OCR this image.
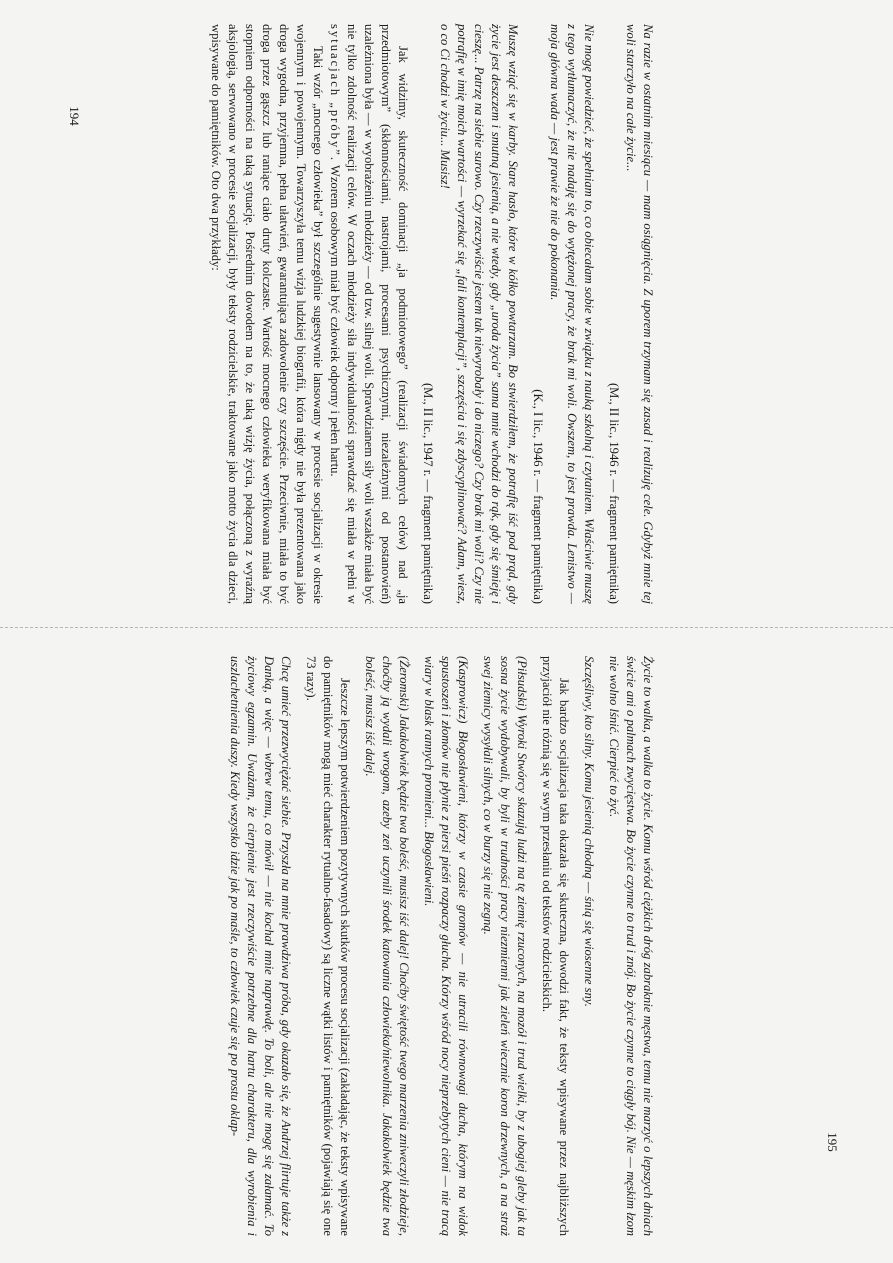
Na razie w ostatnim miesiącu — mam osiągnięcia. Z uporem trzymam się zasad i realizuję cele. Gdybyż mnie tej woli starczyło na całe życie...

(M., II lic., 1946 r. — fragment pamiętnika)

Nie mogę powiedzieć, że spełniam to, co obiecałam sobie w związku z nauką szkolną i czytaniem. Właściwie muszę z tego wytłumaczyć, że nie nadaję się do wytężonej pracy, że brak mi woli. Owszem, to jest prawda. Lenistwo — moja główna wada — jest prawie że nie do pokonania.

(K., I lic., 1946 r. — fragment pamiętnika)

Muszę wziąć się w karby. Stare hasło, które w kółko powtarzam. Bo stwierdziłem, że potrafię iść pod prąd, gdy życie jest deszczem i smutną jesienią, a nie wtedy, gdy „uroda życia” sama mnie wchodzi do rąk, gdy się śmieję i cieszę... Patrzę na siebie surowo. Czy rzeczywiście jestem tak niewyrobały i do niczego? Czy brak mi woli? Czy nie potrafię w imię moich wartości — wyrzekać się „fali kontemplacji”, szczęścia i się zdyscyplinować? Adam, wiesz, o co Ci chodzi w życiu... Musisz!

(M., II lic., 1947 r. — fragment pamiętnika)

Jak widzimy, skuteczność dominacji „ja podmiotowego” (realizacji świadomych celów) nad „ja przedmiotowym” (skłonnościami, nastrojami, procesami psychicznymi, niezależnymi od postanowień) uzależniona była — w wyobrażeniu młodzieży — od tzw. silnej woli. Sprawdzianem siły woli wszakże miała być nie tylko zdolność realizacji celów. W oczach młodzieży siła indywidualności sprawdzać się miała w pełni w sytuacjach „próby”. Wzorem osobowym miał być człowiek odporny i pełen hartu.

Taki wzór „mocnego człowieka” był szczególnie sugestywnie lansowany w procesie socjalizacji w okresie wojennym i powojennym. Towarzyszyła temu wizja ludzkiej biografii, która nigdy nie była prezentowana jako droga wygodna, przyjemna, pełna ułatwień, gwarantująca zadowolenie czy szczęście. Przeciwnie, miała to być droga przez gąszcz lub raniące ciało druty kolczaste. Wartość mocnego człowieka weryfikowana miała być stopniem odporności na taką sytuację. Pośrednim dowodem na to, że taką wizję życia, połączoną z wyraźną aksjologią, serwowano w procesie socjalizacji, były teksty rodzicielskie, traktowane jako motto życia dla dzieci, wpisywane do pamiętników. Oto dwa przykłady:

194

Życie to walka, a walka to życie. Komu wśród ciężkich dróg zabraknie męstwa, temu nie marzyć o lepszych dniach świcie ani o palmach zwycięstwa. Bo życie czynne to trud i znój. Bo życie czynne to ciągły bój. Nie — męskim łzom nie wolno lśnić. Cierpieć to żyć.

Szczęśliwy, kto silny. Komu jesienią chłodną — śnią się wiosenne sny.

Jak bardzo socjalizacja taka okazała się skuteczna, dowodzi fakt, że teksty wpisywane przez najbliższych przyjaciół nie różnią się w swym przesłaniu od tekstów rodzicielskich.

(Piłsudski) Wyroki Stwórcy skazują ludzi na tę ziemię rzuconych, na mozół i trud wielki, by z ubogiej gleby jak ta sosna życie wydobywali, by byli w trudności pracy niezmienni jak zieleń wiecznie koron drzewnych, a na straż swej ziemicy wysyłali silnych, co w burzy się nie zegną.

(Kasprowicz) Błogosławieni, którzy w czasie gromów — nie utracili równowagi ducha, którym na widok spustoszeń i złomów nie płynie z piersi pieśń rozpaczy głucha. Którzy wśród nocy nieprzebytych cieni — nie tracą wiary w blask rannych promieni... Błogosławieni.

(Żeromski) Jakakolwiek będzie twa boleść, musisz iść dalej! Choćby świętość twego marzenia zniweczyli złodzieje, choćby ją wydali wrogom, azeby zeń uczynili środek katowania człowieka/niewolnika. Jakakolwiek będzie twa boleść, musisz iść dalej.

Jeszcze lepszym potwierdzeniem pozytywnych skutków procesu socjalizacji (zakładając, że teksty wpisywane do pamiętników mogą mieć charakter rytualno-fasadowy) są liczne wątki listów i pamiętników (pojawiają się one 73 razy).

Chcę umieć przezwyciężać siebie. Przyszła na mnie prawdziwa próba, gdy okazało się, że Andrzej flirtuje także z Danką, a więc — wbrew temu, co mówił — nie kochał mnie naprawdę. To boli, ale nie mogę się załamać. To życiowy egzamin. Uważam, że cierpienie jest rzeczywiście potrzebne dla hartu charakteru, dla wyrobienia i uszlachetnienia duszy. Kiedy wszystko idzie jak po maśle, to człowiek czuje się po prostu oklap-

195
